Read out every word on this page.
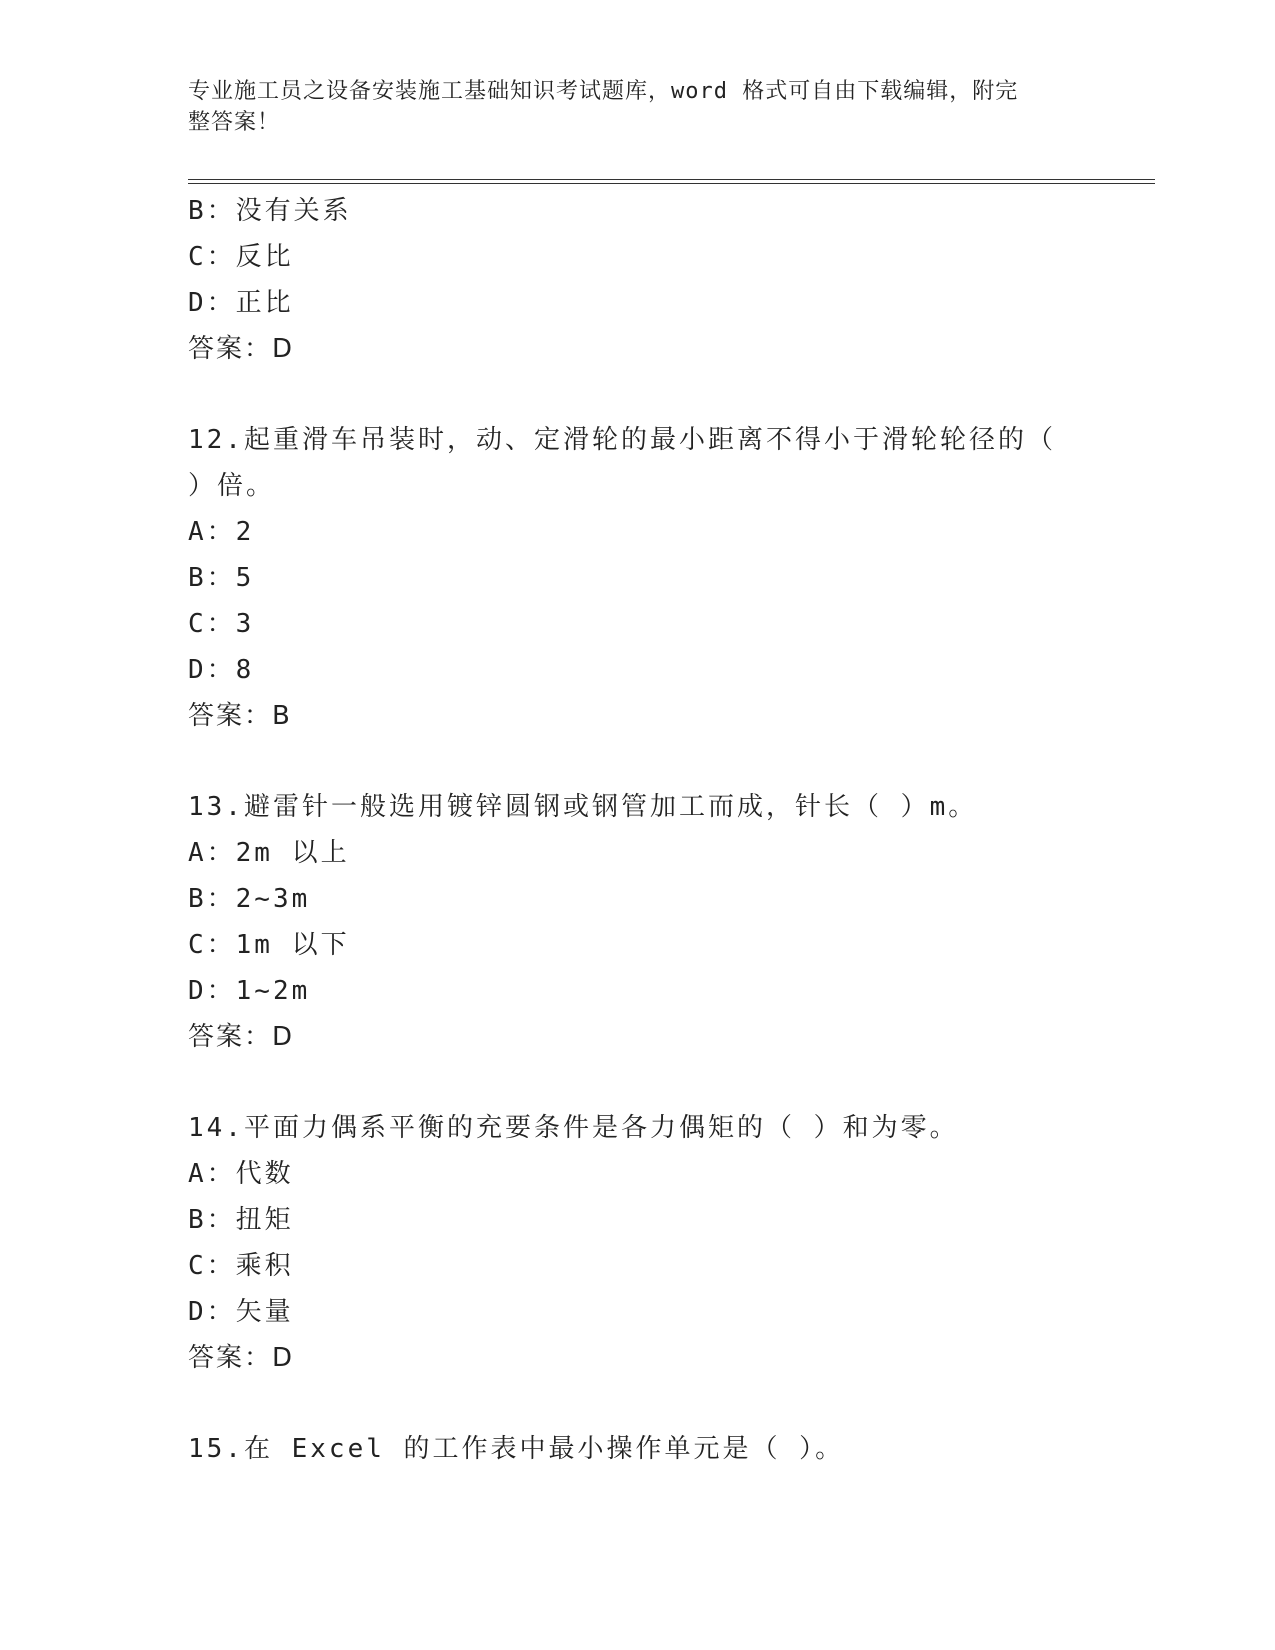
专业施工员之设备安装施工基础知识考试题库，word 格式可自由下载编辑，附完
整答案！
B：没有关系
C：反比
D：正比
答案：D
12.起重滑车吊装时，动、定滑轮的最小距离不得小于滑轮轮径的（
）倍。
A：2
B：5
C：3
D：8
答案：B
13.避雷针一般选用镀锌圆钢或钢管加工而成，针长（ ）m。
A：2m 以上
B：2~3m
C：1m 以下
D：1~2m
答案：D
14.平面力偶系平衡的充要条件是各力偶矩的（ ）和为零。
A：代数
B：扭矩
C：乘积
D：矢量
答案：D
15.在 Excel 的工作表中最小操作单元是（ ）。
